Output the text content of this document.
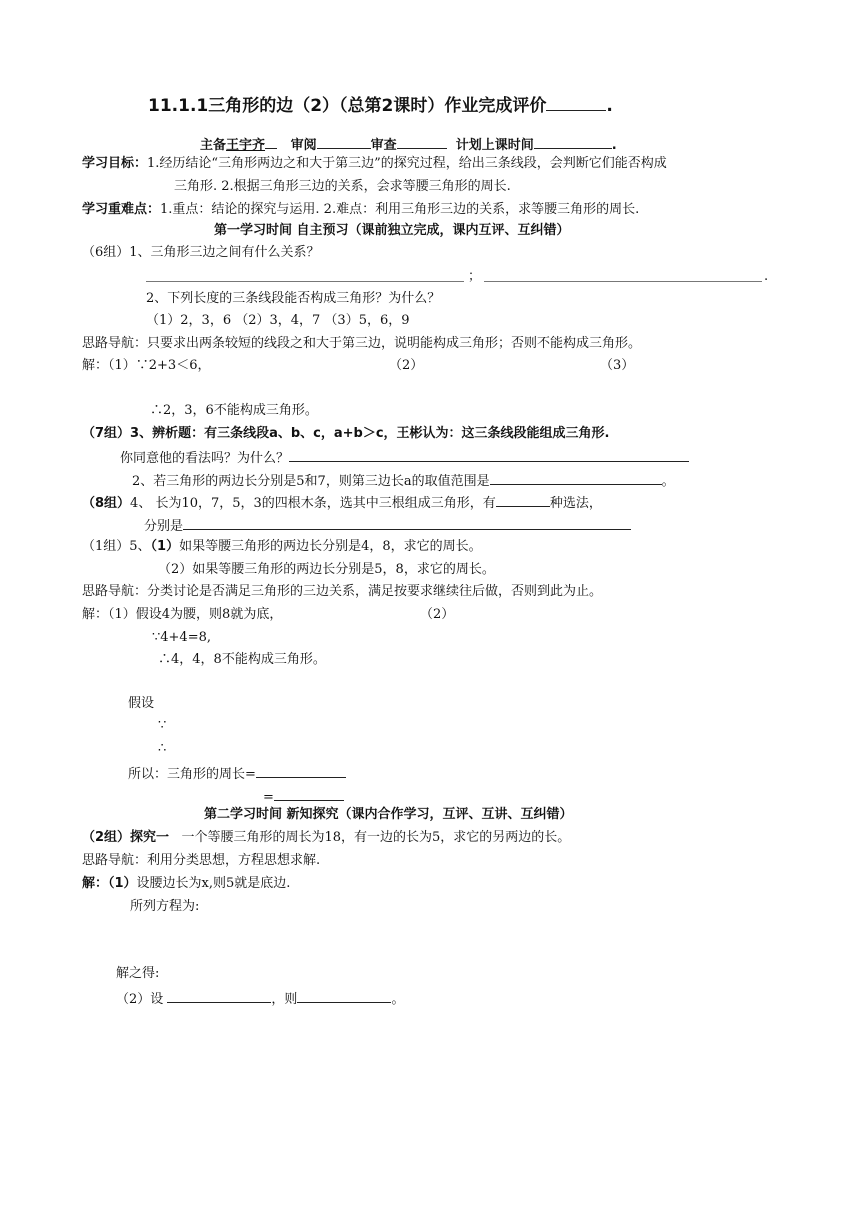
11.1.1三角形的边（2）（总第2课时）作业完成评价	.
主备王宇齐 审阅	审查	计划上课时间	.
学习目标：1.经历结论“三角形两边之和大于第三边”的探究过程，给出三条线段，会判断它们能否构成
三角形. 2.根据三角形三边的关系，会求等腰三角形的周长.
学习重难点：1.重点：结论的探究与运用. 2.难点：利用三角形三边的关系，求等腰三角形的周长.
第一学习时间 自主预习（课前独立完成，课内互评、互纠错）
（6组）1、三角形三边之间有什么关系？
；	.
2、下列长度的三条线段能否构成三角形？为什么？
（1）2，3，6 （2）3，4，7 （3）5，6，9
思路导航：只要求出两条较短的线段之和大于第三边，说明能构成三角形；否则不能构成三角形。
解：（1）∵2+3＜6，	（2）	（3）
∴2，3，6不能构成三角形。
（7组）3、辨析题：有三条线段a、b、c，a+b＞c，王彬认为：这三条线段能组成三角形.
你同意他的看法吗？为什么？
2、若三角形的两边长分别是5和7，则第三边长a的取值范围是	。
（8组）4、 长为10，7，5，3的四根木条，选其中三根组成三角形，有	种选法，
分别是
（1组）5、（1）如果等腰三角形的两边长分别是4，8，求它的周长。
（2）如果等腰三角形的两边长分别是5，8，求它的周长。
思路导航：分类讨论是否满足三角形的三边关系，满足按要求继续往后做，否则到此为止。
解：（1）假设4为腰，则8就为底，	（2）
∵4+4=8,
∴4，4，8不能构成三角形。
假设
∵
∴
所以：三角形的周长=
=
第二学习时间 新知探究（课内合作学习，互评、互讲、互纠错）
（2组）探究一 一个等腰三角形的周长为18，有一边的长为5，求它的另两边的长。
思路导航：利用分类思想，方程思想求解.
解：（1）设腰边长为x,则5就是底边.
所列方程为:
解之得:
（2）设	，则	。
